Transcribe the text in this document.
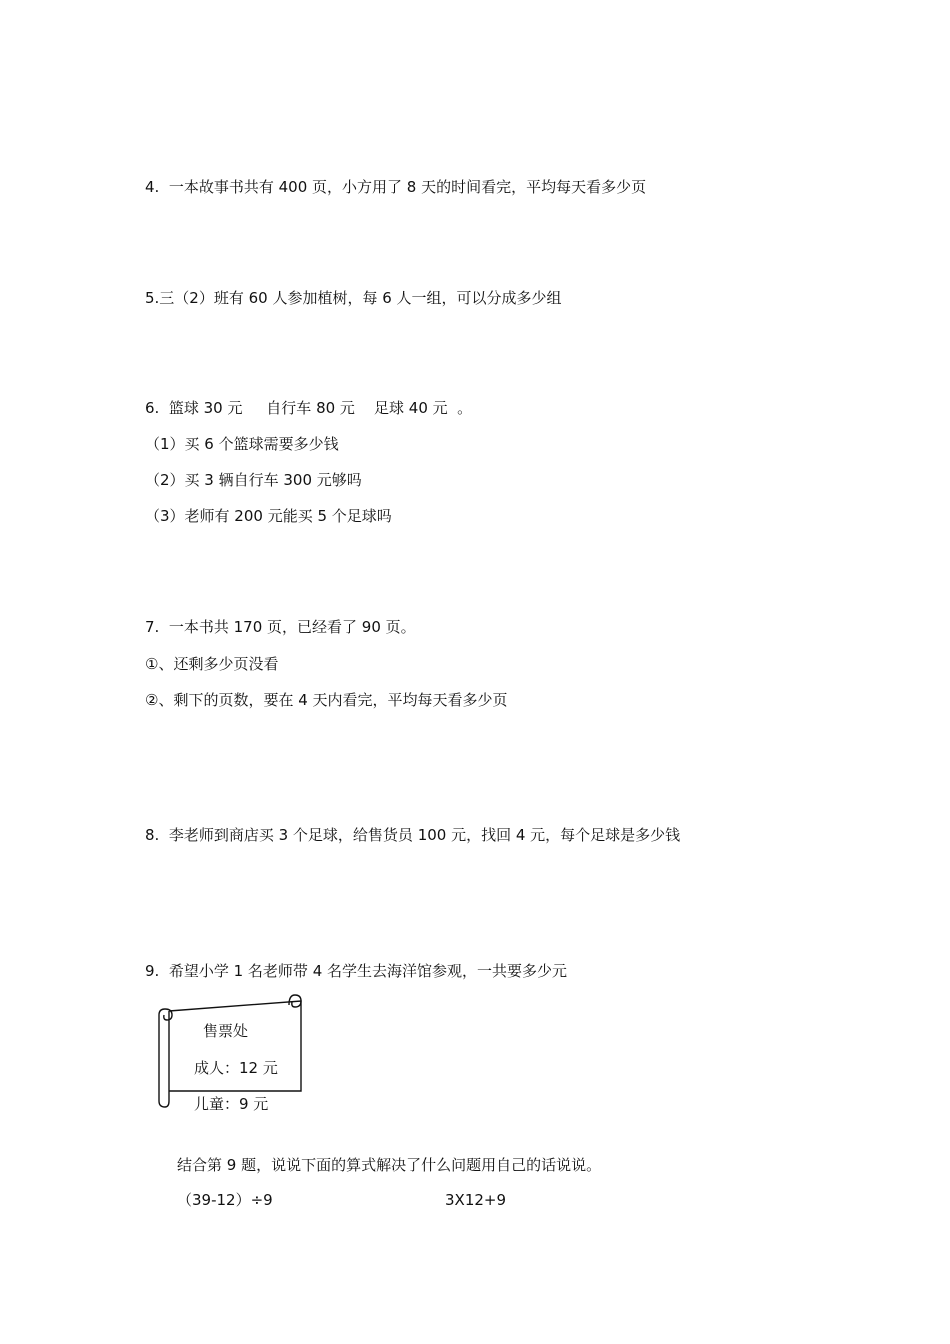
4.  一本故事书共有 400 页，小方用了 8 天的时间看完，平均每天看多少页
5.三（2）班有 60 人参加植树，每 6 人一组，可以分成多少组
6.  篮球 30 元     自行车 80 元    足球 40 元  。
（1）买 6 个篮球需要多少钱
（2）买 3 辆自行车 300 元够吗
（3）老师有 200 元能买 5 个足球吗
7.  一本书共 170 页，已经看了 90 页。
①、还剩多少页没看
②、剩下的页数，要在 4 天内看完，平均每天看多少页
8.  李老师到商店买 3 个足球，给售货员 100 元，找回 4 元，每个足球是多少钱
9.  希望小学 1 名老师带 4 名学生去海洋馆参观，一共要多少元
售票处
成人：12 元
儿童：9 元
结合第 9 题，说说下面的算式解决了什么问题用自己的话说说。
（39-12）÷9	3X12+9
